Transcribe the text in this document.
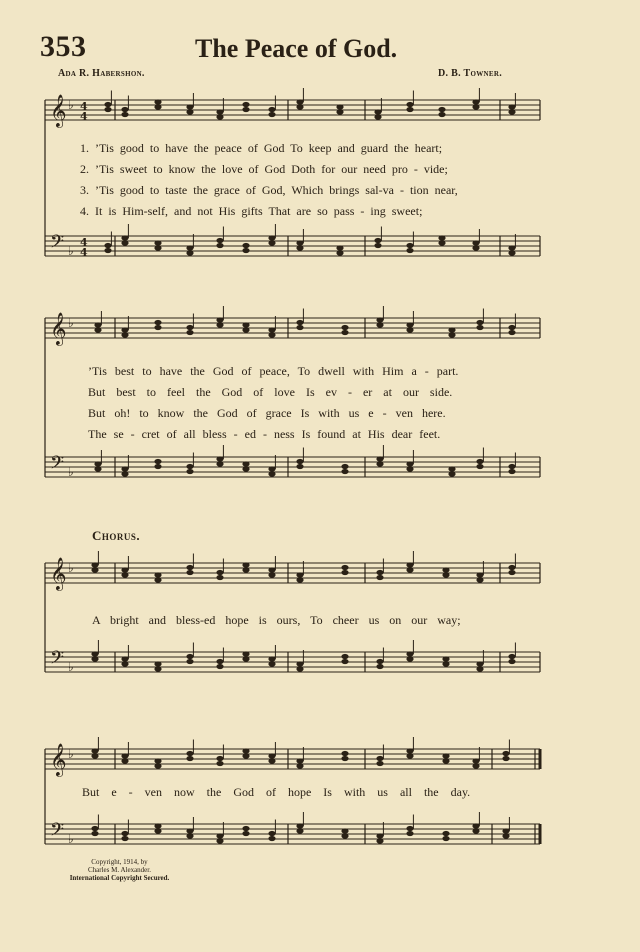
353	The Peace of God.
Ada R. Habershon.	D. B. Towner.
𝄞
𝄢
♭
♭
4
4
4
4
𝄞
𝄢
♭
♭
𝄞
𝄢
♭
♭
𝄞
𝄢
♭
♭
1. ’Tis good to have the peace of God To keep and guard the heart;
2. ’Tis sweet to know the love of God Doth for our need pro - vide;
3. ’Tis good to taste the grace of God, Which brings sal-va - tion near,
4. It is Him-self, and not His gifts That are so pass - ing sweet;
’Tis best to have the God of peace, To dwell with Him a - part.
But best to feel the God of love Is ev - er at our side.
But oh! to know the God of grace Is with us e - ven here.
The se - cret of all bless - ed - ness Is found at His dear feet.
Chorus.
A bright and bless-ed hope is ours, To cheer us on our way;
But e - ven now the God of hope Is with us all the day.
Copyright, 1914, by
Charles M. Alexander.
International Copyright Secured.
